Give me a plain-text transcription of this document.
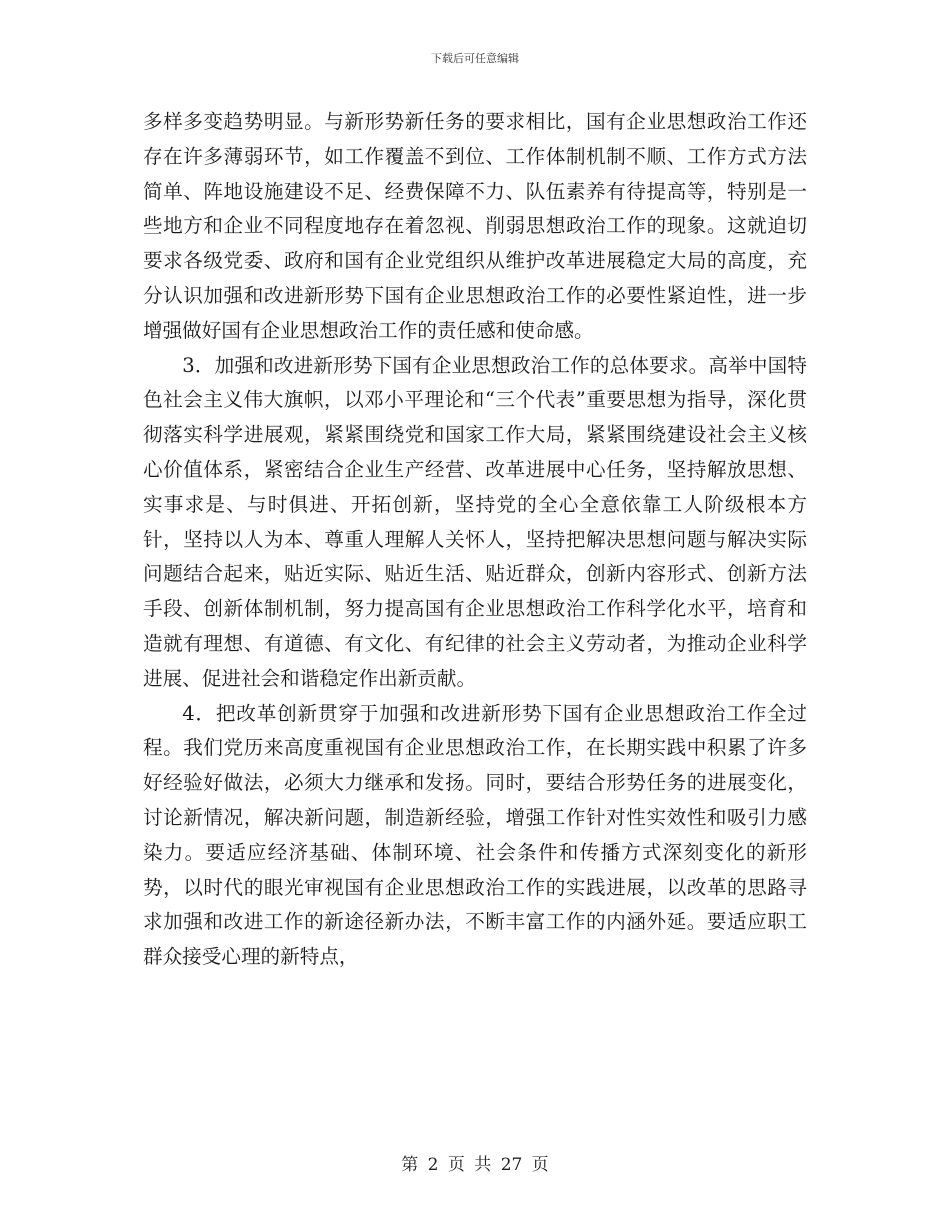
下载后可任意编辑

多样多变趋势明显。与新形势新任务的要求相比，国有企业思想政治工作还存在许多薄弱环节，如工作覆盖不到位、工作体制机制不顺、工作方式方法简单、阵地设施建设不足、经费保障不力、队伍素养有待提高等，特别是一些地方和企业不同程度地存在着忽视、削弱思想政治工作的现象。这就迫切要求各级党委、政府和国有企业党组织从维护改革进展稳定大局的高度，充分认识加强和改进新形势下国有企业思想政治工作的必要性紧迫性，进一步增强做好国有企业思想政治工作的责任感和使命感。

3．加强和改进新形势下国有企业思想政治工作的总体要求。高举中国特色社会主义伟大旗帜，以邓小平理论和“三个代表”重要思想为指导，深化贯彻落实科学进展观，紧紧围绕党和国家工作大局，紧紧围绕建设社会主义核心价值体系，紧密结合企业生产经营、改革进展中心任务，坚持解放思想、实事求是、与时俱进、开拓创新，坚持党的全心全意依靠工人阶级根本方针，坚持以人为本、尊重人理解人关怀人，坚持把解决思想问题与解决实际问题结合起来，贴近实际、贴近生活、贴近群众，创新内容形式、创新方法手段、创新体制机制，努力提高国有企业思想政治工作科学化水平，培育和造就有理想、有道德、有文化、有纪律的社会主义劳动者，为推动企业科学进展、促进社会和谐稳定作出新贡献。

4．把改革创新贯穿于加强和改进新形势下国有企业思想政治工作全过程。我们党历来高度重视国有企业思想政治工作，在长期实践中积累了许多好经验好做法，必须大力继承和发扬。同时，要结合形势任务的进展变化，讨论新情况，解决新问题，制造新经验，增强工作针对性实效性和吸引力感染力。要适应经济基础、体制环境、社会条件和传播方式深刻变化的新形势，以时代的眼光审视国有企业思想政治工作的实践进展，以改革的思路寻求加强和改进工作的新途径新办法，不断丰富工作的内涵外延。要适应职工群众接受心理的新特点，

第 2 页 共 27 页
